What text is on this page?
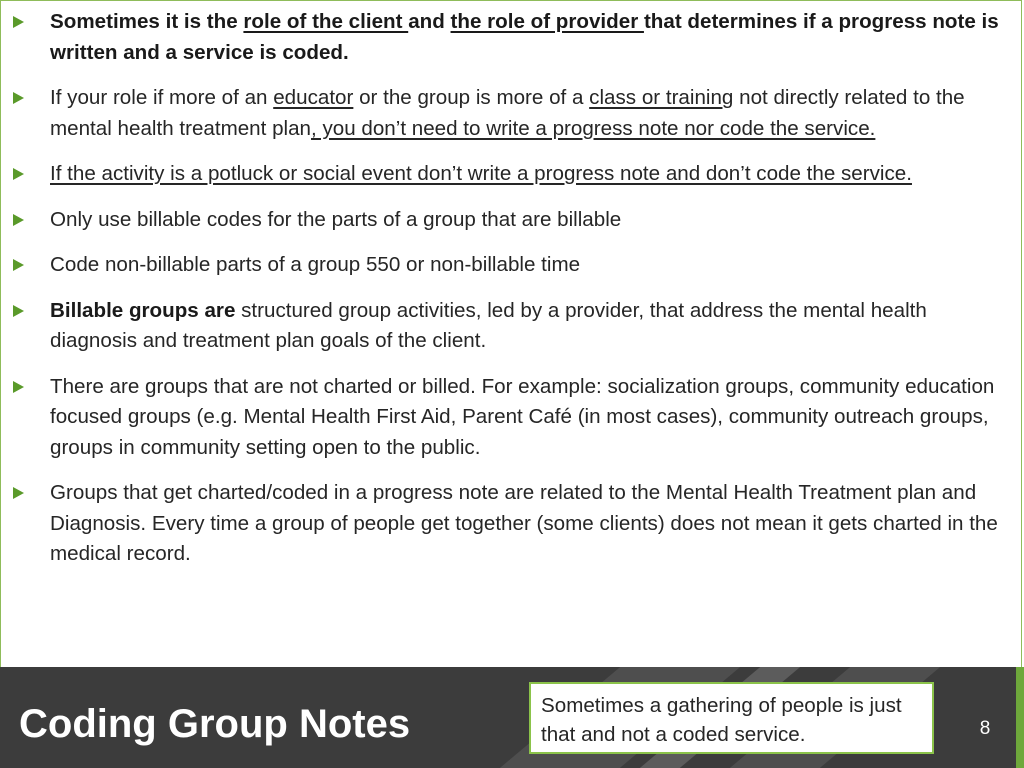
Sometimes it is the role of the client and the role of provider that determines if a progress note is written and a service is coded.
If your role if more of an educator or the group is more of a class or training not directly related to the mental health treatment plan, you don’t need to write a progress note nor code the service.
If the activity is a potluck or social event don’t write a progress note and don’t code the service.
Only use billable codes for the parts of a group that are billable
Code non-billable parts of a group 550 or non-billable time
Billable groups are structured group activities, led by a provider, that address the mental health diagnosis and treatment plan goals of the client.
There are groups that are not charted or billed. For example: socialization groups, community education focused groups (e.g. Mental Health First Aid, Parent Café (in most cases), community outreach groups, groups in community setting open to the public.
Groups that get charted/coded in a progress note are related to the Mental Health Treatment plan and Diagnosis. Every time a group of people get together (some clients) does not mean it gets charted in the medical record.
Coding Group Notes	Sometimes a gathering of people is just that and not a coded service.	8
